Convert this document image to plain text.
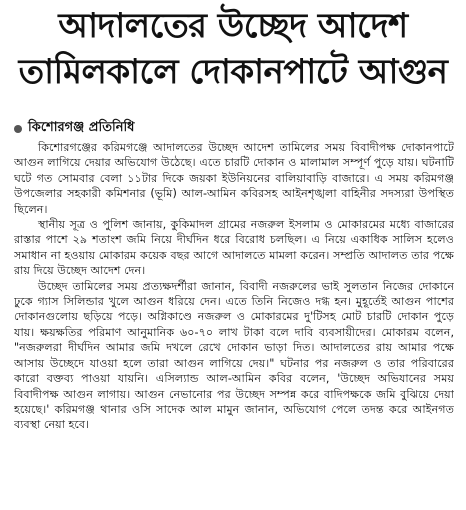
আদালতের উচ্ছেদ আদেশ
তামিলকালে দোকানপাটে আগুন
কিশোরগঞ্জ প্রতিনিধি

কিশোরগঞ্জের করিমগঞ্জে আদালতের উচ্ছেদ আদেশ তামিলের সময় বিবাদীপক্ষ দোকানপাটে আগুন লাগিয়ে দেয়ার অভিযোগ উঠেছে। এতে চারটি দোকান ও মালামাল সম্পূর্ণ পুড়ে যায়। ঘটনাটি ঘটে গত সোমবার বেলা ১১টার দিকে জয়কা ইউনিয়নের বালিয়াবাড়ি বাজারে। এ সময় করিমগঞ্জ উপজেলার সহকারী কমিশনার (ভূমি) আল-আমিন কবিরসহ আইনশৃঙ্খলা বাহিনীর সদস্যরা উপস্থিত ছিলেন।

স্থানীয় সূত্র ও পুলিশ জানায়, কুকিমাদল গ্রামের নজরুল ইসলাম ও মোকারমের মধ্যে বাজারের রাস্তার পাশে ২৯ শতাংশ জমি নিয়ে দীর্ঘদিন ধরে বিরোধ চলছিল। এ নিয়ে একাধিক সালিস হলেও সমাধান না হওয়ায় মোকারম কয়েক বছর আগে আদালতে মামলা করেন। সম্প্রতি আদালত তার পক্ষে রায় দিয়ে উচ্ছেদ আদেশ দেন।

উচ্ছেদ তামিলের সময় প্রত্যক্ষদর্শীরা জানান, বিবাদী নজরুলের ভাই সুলতান নিজের দোকানে ঢুকে গ্যাস সিলিন্ডার খুলে আগুন ধরিয়ে দেন। এতে তিনি নিজেও দগ্ধ হন। মুহূর্তেই আগুন পাশের দোকানগুলোয় ছড়িয়ে পড়ে। অগ্নিকাণ্ডে নজরুল ও মোকারমের দু'টিসহ মোট চারটি দোকান পুড়ে যায়। ক্ষয়ক্ষতির পরিমাণ আনুমানিক ৬০-৭০ লাখ টাকা বলে দাবি ব্যবসায়ীদের। মোকারম বলেন, "নজরুলরা দীর্ঘদিন আমার জমি দখলে রেখে দোকান ভাড়া দিত। আদালতের রায় আমার পক্ষে আসায় উচ্ছেদে যাওয়া হলে তারা আগুন লাগিয়ে দেয়।" ঘটনার পর নজরুল ও তার পরিবারের কারো বক্তব্য পাওয়া যায়নি। এসিল্যান্ড আল-আমিন কবির বলেন, 'উচ্ছেদ অভিযানের সময় বিবাদীপক্ষ আগুন লাগায়। আগুন নেভানোর পর উচ্ছেদ সম্পন্ন করে বাদিপক্ষকে জমি বুঝিয়ে দেয়া হয়েছে।' করিমগঞ্জ থানার ওসি সাদেক আল মামুন জানান, অভিযোগ পেলে তদন্ত করে আইনগত ব্যবস্থা নেয়া হবে।
